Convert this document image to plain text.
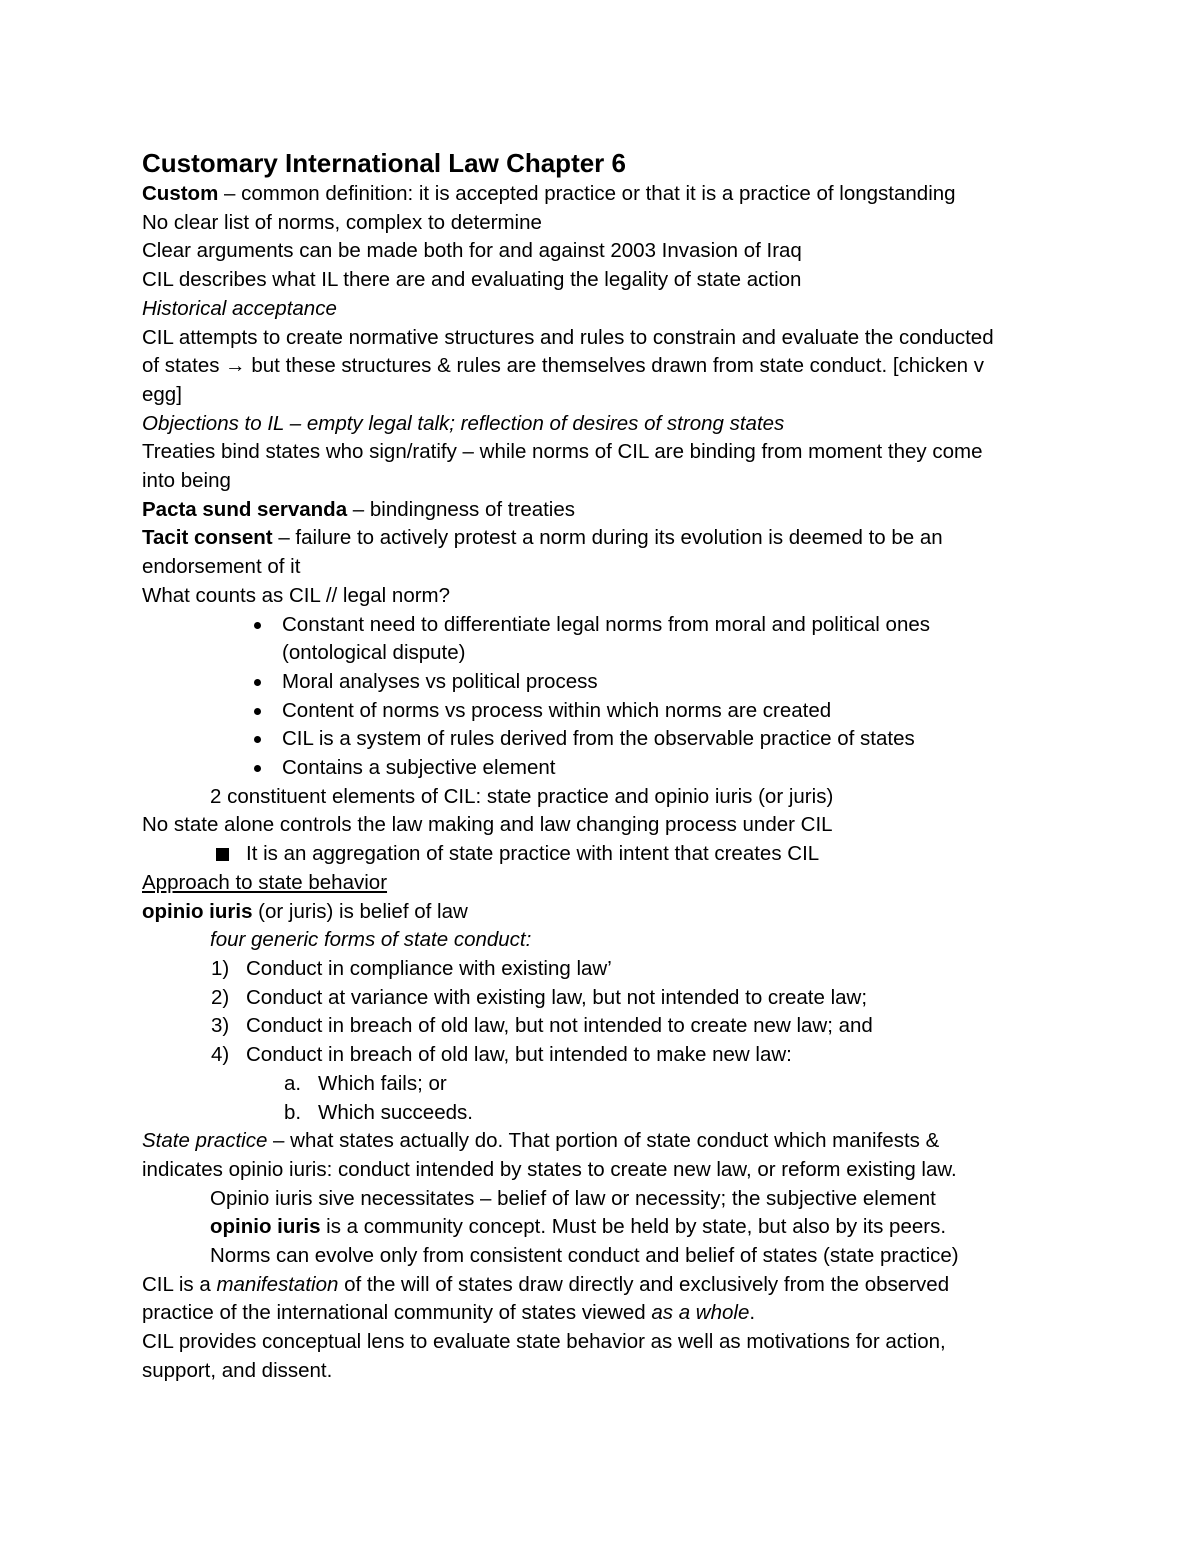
Customary International Law Chapter 6
Custom – common definition: it is accepted practice or that it is a practice of longstanding
No clear list of norms, complex to determine
Clear arguments can be made both for and against 2003 Invasion of Iraq
CIL describes what IL there are and evaluating the legality of state action
Historical acceptance
CIL attempts to create normative structures and rules to constrain and evaluate the conducted
of states → but these structures & rules are themselves drawn from state conduct. [chicken v
egg]
Objections to IL – empty legal talk; reflection of desires of strong states
Treaties bind states who sign/ratify – while norms of CIL are binding from moment they come
into being
Pacta sund servanda – bindingness of treaties
Tacit consent – failure to actively protest a norm during its evolution is deemed to be an
endorsement of it
What counts as CIL // legal norm?
Constant need to differentiate legal norms from moral and political ones (ontological dispute)
Moral analyses vs political process
Content of norms vs process within which norms are created
CIL is a system of rules derived from the observable practice of states
Contains a subjective element
2 constituent elements of CIL: state practice and opinio iuris (or juris)
No state alone controls the law making and law changing process under CIL
It is an aggregation of state practice with intent that creates CIL
Approach to state behavior
opinio iuris (or juris) is belief of law
four generic forms of state conduct:
1) Conduct in compliance with existing law’
2) Conduct at variance with existing law, but not intended to create law;
3) Conduct in breach of old law, but not intended to create new law; and
4) Conduct in breach of old law, but intended to make new law:
a. Which fails; or
b. Which succeeds.
State practice – what states actually do. That portion of state conduct which manifests &
indicates opinio iuris: conduct intended by states to create new law, or reform existing law.
Opinio iuris sive necessitates – belief of law or necessity; the subjective element
opinio iuris is a community concept. Must be held by state, but also by its peers.
Norms can evolve only from consistent conduct and belief of states (state practice)
CIL is a manifestation of the will of states draw directly and exclusively from the observed
practice of the international community of states viewed as a whole.
CIL provides conceptual lens to evaluate state behavior as well as motivations for action,
support, and dissent.
